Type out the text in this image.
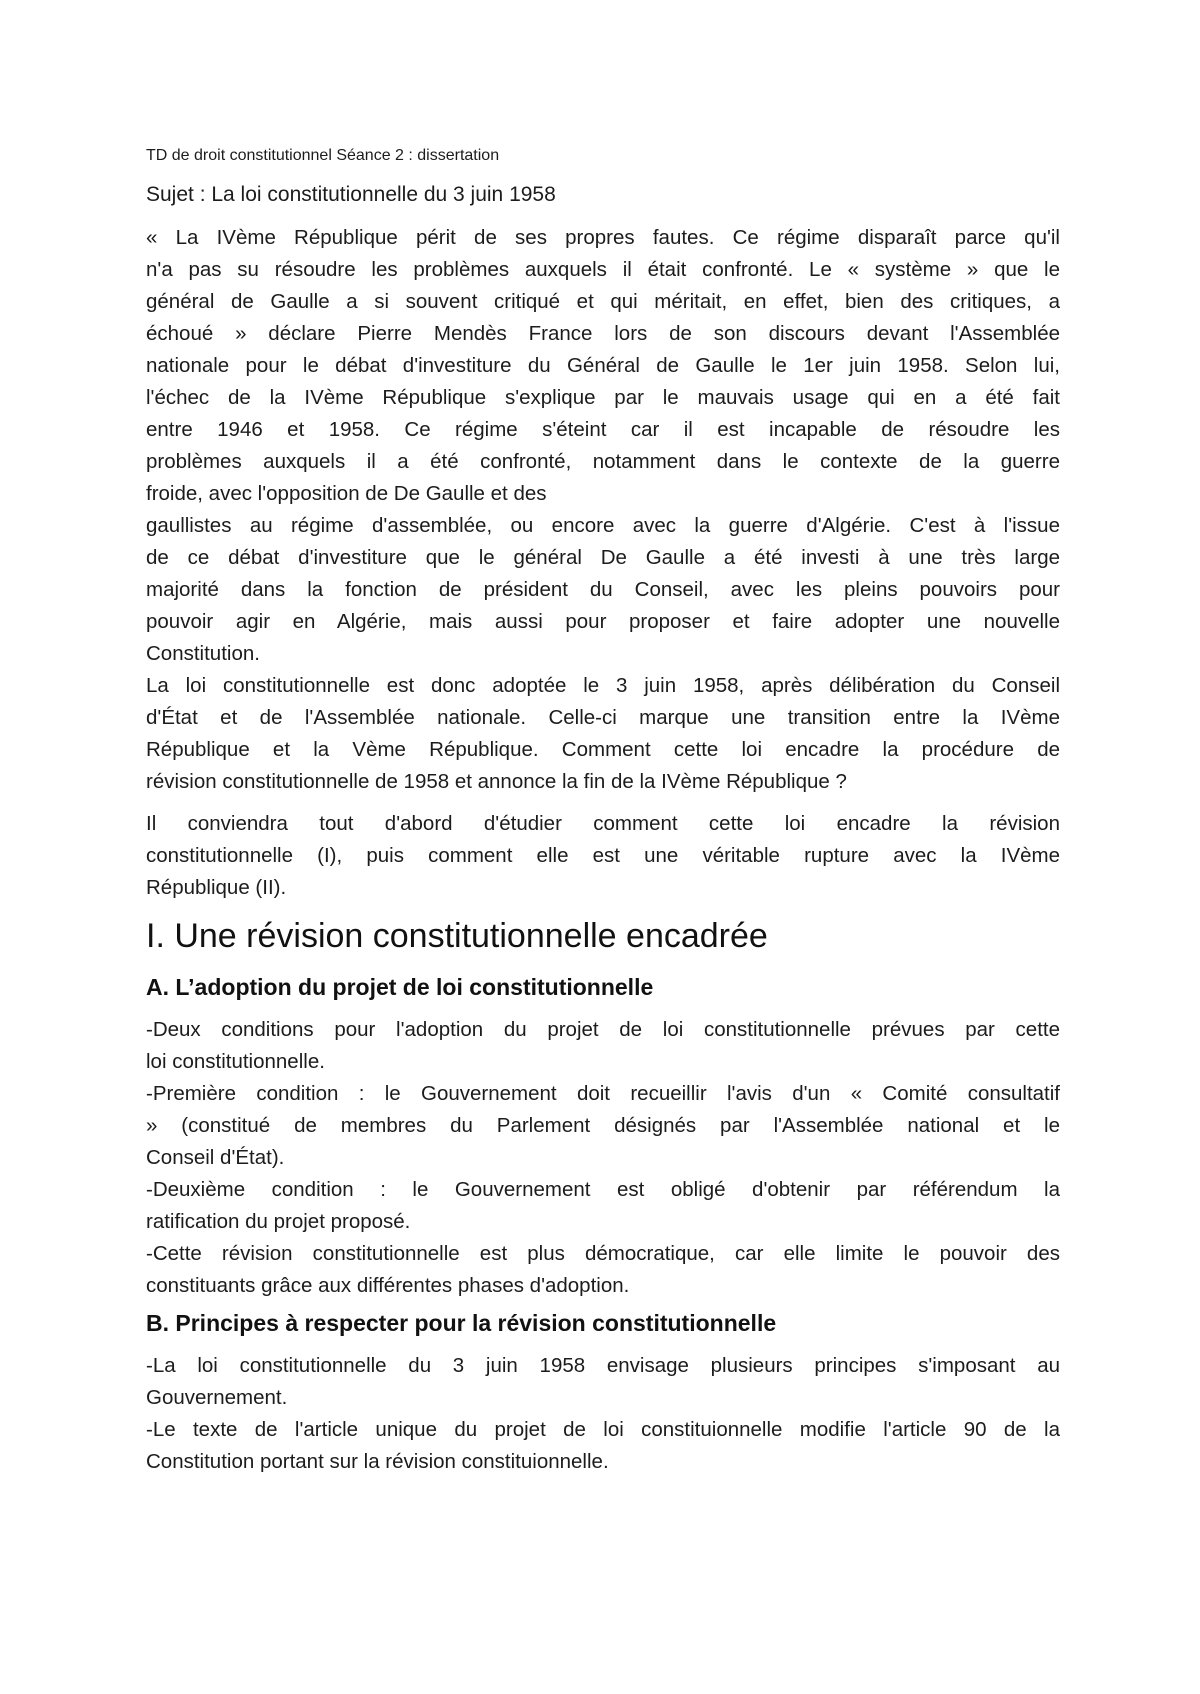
TD de droit constitutionnel Séance 2 : dissertation
Sujet : La loi constitutionnelle du 3 juin 1958
« La IVème République périt de ses propres fautes. Ce régime disparaît parce qu'il
n'a pas su résoudre les problèmes auxquels il était confronté. Le « système » que le
général de Gaulle a si souvent critiqué et qui méritait, en effet, bien des critiques, a
échoué » déclare Pierre Mendès France lors de son discours devant l'Assemblée
nationale pour le débat d'investiture du Général de Gaulle le 1er juin 1958. Selon lui,
l'échec de la IVème République s'explique par le mauvais usage qui en a été fait
entre 1946 et 1958. Ce régime s'éteint car il est incapable de résoudre les
problèmes auxquels il a été confronté, notamment dans le contexte de la guerre
froide, avec l'opposition de De Gaulle et des
gaullistes au régime d'assemblée, ou encore avec la guerre d'Algérie. C'est à l'issue
de ce débat d'investiture que le général De Gaulle a été investi à une très large
majorité dans la fonction de président du Conseil, avec les pleins pouvoirs pour
pouvoir agir en Algérie, mais aussi pour proposer et faire adopter une nouvelle
Constitution.
La loi constitutionnelle est donc adoptée le 3 juin 1958, après délibération du Conseil
d'État et de l'Assemblée nationale. Celle-ci marque une transition entre la IVème
République et la Vème République. Comment cette loi encadre la procédure de
révision constitutionnelle de 1958 et annonce la fin de la IVème République ?
Il conviendra tout d'abord d'étudier comment cette loi encadre la révision
constitutionnelle (I), puis comment elle est une véritable rupture avec la IVème
République (II).
I. Une révision constitutionnelle encadrée
A. L’adoption du projet de loi constitutionnelle
-Deux conditions pour l'adoption du projet de loi constitutionnelle prévues par cette
loi constitutionnelle.
-Première condition : le Gouvernement doit recueillir l'avis d'un « Comité consultatif
» (constitué de membres du Parlement désignés par l'Assemblée national et le
Conseil d'État).
-Deuxième condition : le Gouvernement est obligé d'obtenir par référendum la
ratification du projet proposé.
-Cette révision constitutionnelle est plus démocratique, car elle limite le pouvoir des
constituants grâce aux différentes phases d'adoption.
B. Principes à respecter pour la révision constitutionnelle
-La loi constitutionnelle du 3 juin 1958 envisage plusieurs principes s'imposant au
Gouvernement.
-Le texte de l'article unique du projet de loi constituionnelle modifie l'article 90 de la
Constitution portant sur la révision constituionnelle.
